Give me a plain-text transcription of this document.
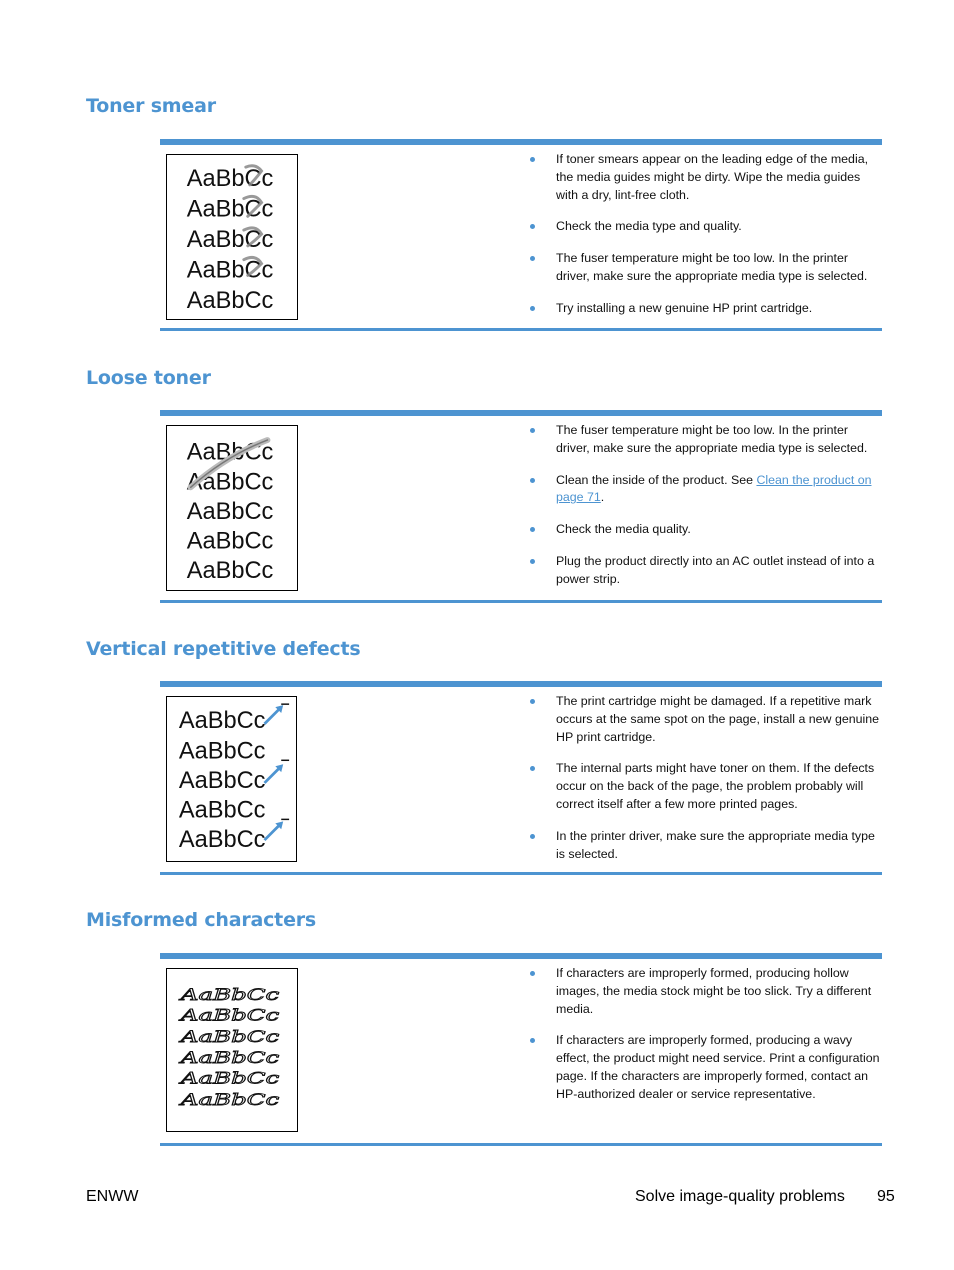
Toner smear
AaBbCc
AaBbCc
AaBbCc
AaBbCc
AaBbCc
If toner smears appear on the leading edge of the media, the media guides might be dirty. Wipe the media guides with a dry, lint-free cloth.
Check the media type and quality.
The fuser temperature might be too low. In the printer driver, make sure the appropriate media type is selected.
Try installing a new genuine HP print cartridge.
Loose toner
AaBbCc
AaBbCc
AaBbCc
AaBbCc
AaBbCc
The fuser temperature might be too low. In the printer driver, make sure the appropriate media type is selected.
Clean the inside of the product. See Clean the product on page 71.
Check the media quality.
Plug the product directly into an AC outlet instead of into a power strip.
Vertical repetitive defects
AaBbCc
AaBbCc
AaBbCc
AaBbCc
AaBbCc
The print cartridge might be damaged. If a repetitive mark occurs at the same spot on the page, install a new genuine HP print cartridge.
The internal parts might have toner on them. If the defects occur on the back of the page, the problem probably will correct itself after a few more printed pages.
In the printer driver, make sure the appropriate media type is selected.
Misformed characters
AaBbCc
AaBbCc
AaBbCc
AaBbCc
AaBbCc
AaBbCc
If characters are improperly formed, producing hollow images, the media stock might be too slick. Try a different media.
If characters are improperly formed, producing a wavy effect, the product might need service. Print a configuration page. If the characters are improperly formed, contact an HP-authorized dealer or service representative.
ENWW	Solve image-quality problems 95
